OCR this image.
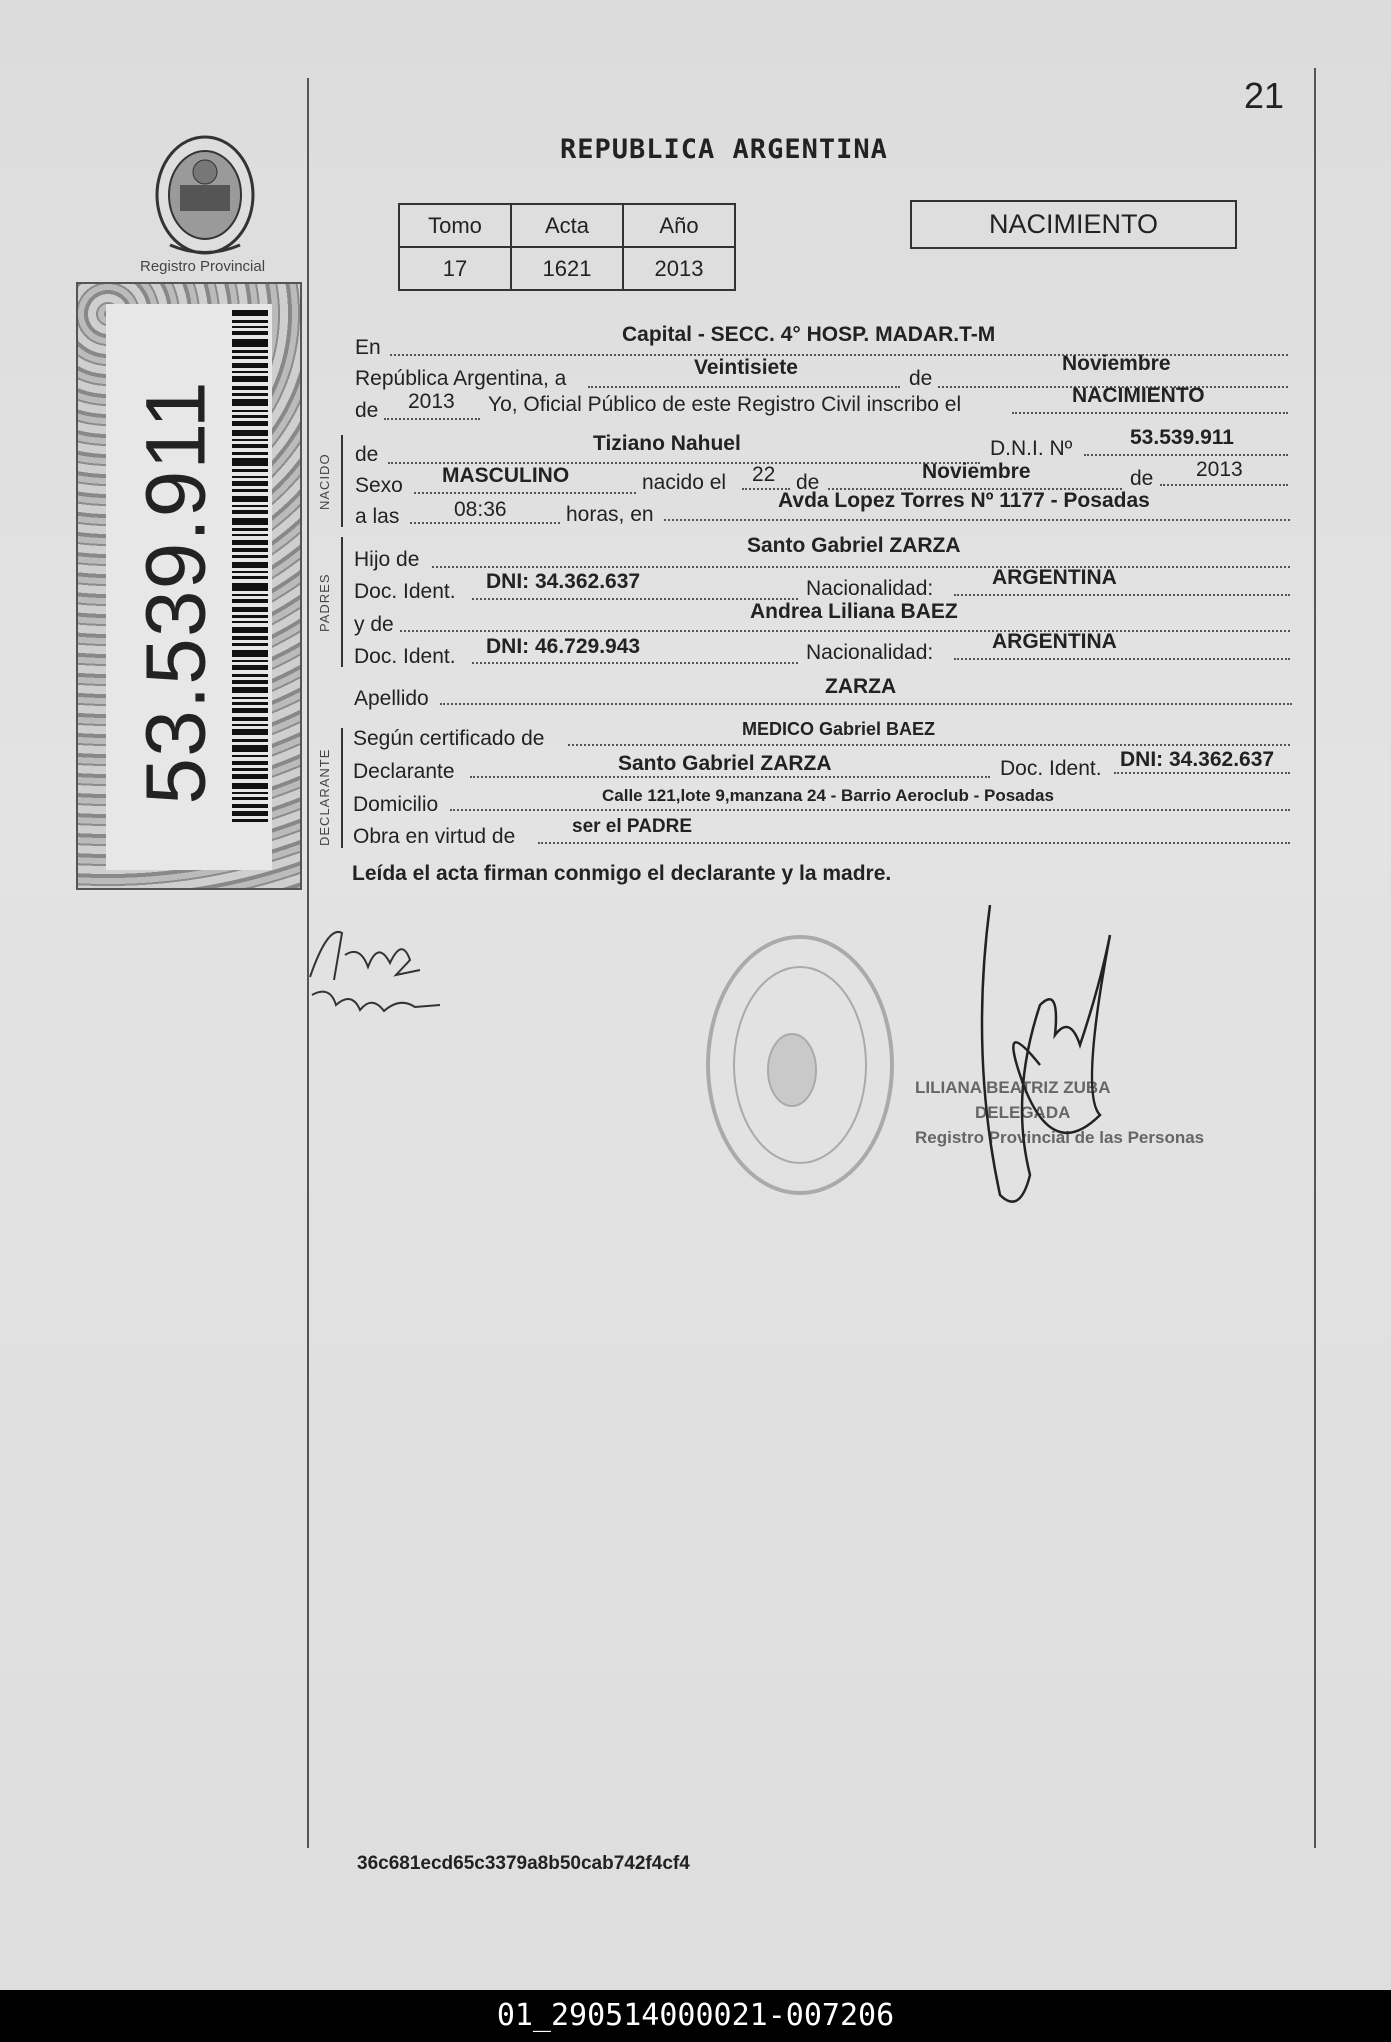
21
REPUBLICA ARGENTINA
Registro Provincial
53.539.911
Tomo	Acta	Año
17	1621	2013
NACIMIENTO
NACIDO
PADRES
DECLARANTE
En
Capital - SECC. 4° HOSP. MADAR.T-M
República Argentina, a	Veintisiete	de
Noviembre
de 2013 Yo, Oficial Público de este Registro Civil inscribo el	NACIMIENTO
de	Tiziano Nahuel	D.N.I. Nº	53.539.911
Sexo MASCULINO	nacido el 22 de	Noviembre	de 2013
a las	08:36	horas, en
Avda Lopez Torres Nº 1177 - Posadas
Hijo de
Santo Gabriel ZARZA
Doc. Ident. DNI: 34.362.637	Nacionalidad:	ARGENTINA
y de
Andrea Liliana BAEZ
Doc. Ident. DNI: 46.729.943	Nacionalidad:	ARGENTINA
Apellido
ZARZA
Según certificado de	MEDICO Gabriel BAEZ
Declarante	Santo Gabriel ZARZA	Doc. Ident. DNI: 34.362.637
Domicilio	Calle 121,lote 9,manzana 24 - Barrio Aeroclub - Posadas
Obra en virtud de	ser el PADRE
Leída el acta firman conmigo el declarante y la madre.
LILIANA BEATRIZ ZUBA
DELEGADA
Registro Provincial de las Personas
36c681ecd65c3379a8b50cab742f4cf4
01_290514000021-007206
